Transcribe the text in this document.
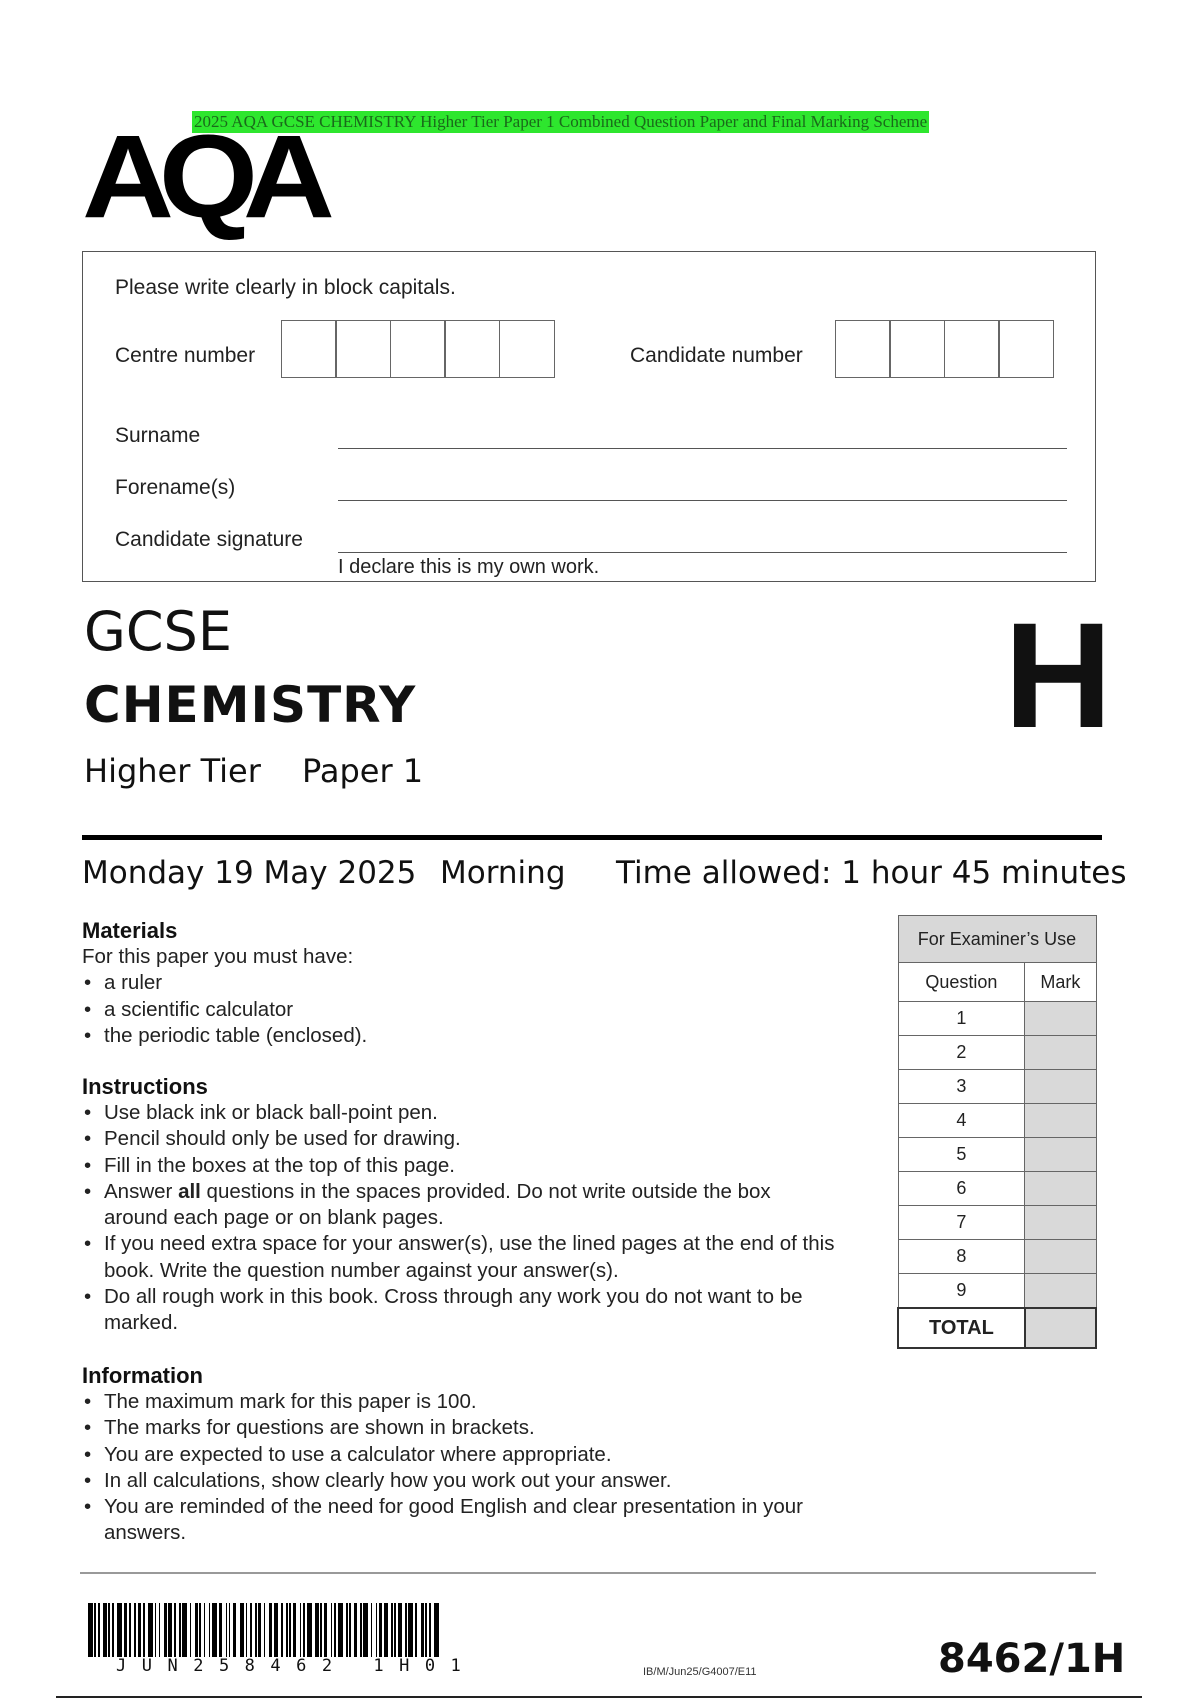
2025 AQA GCSE CHEMISTRY Higher Tier Paper 1 Combined Question Paper and Final Marking Scheme
AQA
Please write clearly in block capitals.
Centre number	Candidate number
Surname
Forename(s)
Candidate signature
I declare this is my own work.
GCSE
CHEMISTRY
Higher Tier Paper 1
H
Monday 19 May 2025 Morning Time allowed: 1 hour 45 minutes
Materials
For this paper you must have:
• a ruler
• a scientific calculator
• the periodic table (enclosed).
Instructions
• Use black ink or black ball-point pen.
• Pencil should only be used for drawing.
• Fill in the boxes at the top of this page.
• Answer all questions in the spaces provided. Do not write outside the box around each page or on blank pages.
• If you need extra space for your answer(s), use the lined pages at the end of this book. Write the question number against your answer(s).
• Do all rough work in this book. Cross through any work you do not want to be marked.
Information
• The maximum mark for this paper is 100.
• The marks for questions are shown in brackets.
• You are expected to use a calculator where appropriate.
• In all calculations, show clearly how you work out your answer.
• You are reminded of the need for good English and clear presentation in your answers.
For Examiner’s Use	
Question	Mark
1	
2	
3	
4	
5	
6	
7	
8	
9	
TOTAL	
JUN258462 1H01	IB/M/Jun25/G4007/E11	8462/1H
